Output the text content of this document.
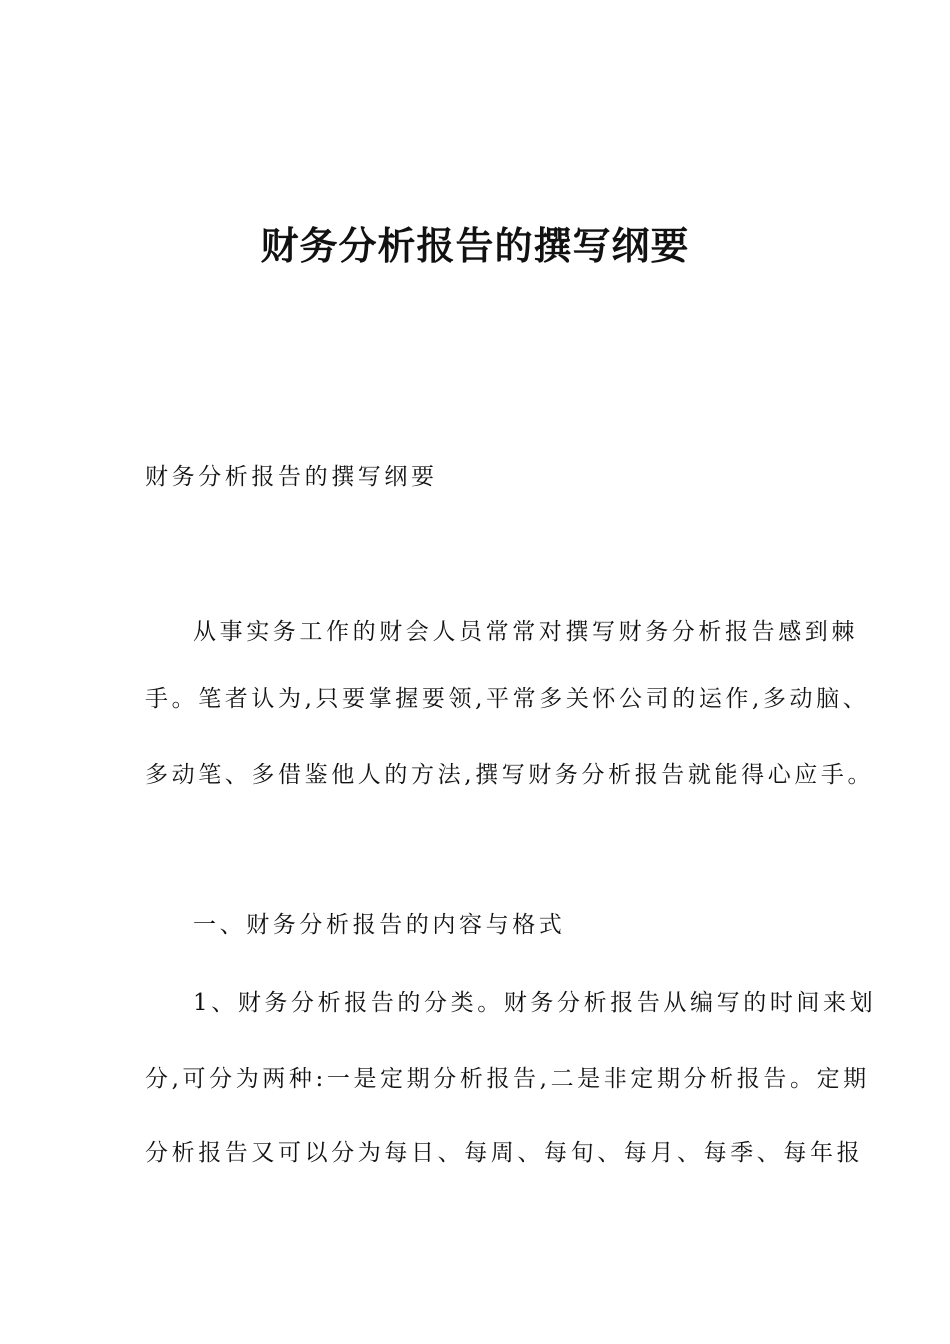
财务分析报告的撰写纲要

财务分析报告的撰写纲要

从事实务工作的财会人员常常对撰写财务分析报告感到棘

手。笔者认为,只要掌握要领,平常多关怀公司的运作,多动脑、

多动笔、多借鉴他人的方法,撰写财务分析报告就能得心应手。

一、财务分析报告的内容与格式

1、财务分析报告的分类。财务分析报告从编写的时间来划

分,可分为两种:一是定期分析报告,二是非定期分析报告。定期

分析报告又可以分为每日、每周、每旬、每月、每季、每年报
